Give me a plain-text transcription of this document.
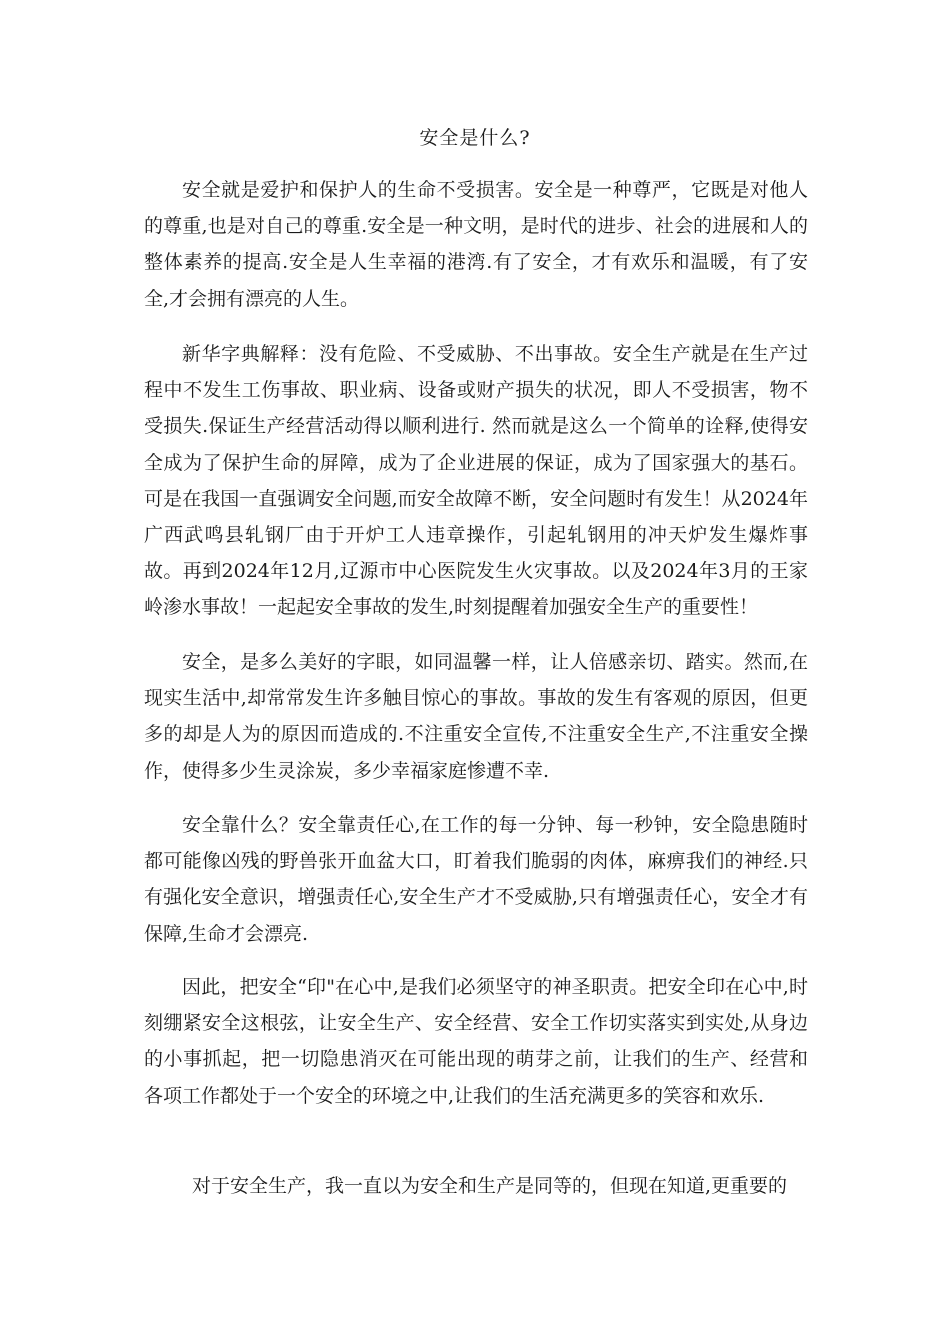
安全是什么?

安全就是爱护和保护人的生命不受损害。安全是一种尊严，它既是对他人的尊重,也是对自己的尊重.安全是一种文明，是时代的进步、社会的进展和人的整体素养的提高.安全是人生幸福的港湾.有了安全，才有欢乐和温暖，有了安全,才会拥有漂亮的人生。

新华字典解释：没有危险、不受威胁、不出事故。安全生产就是在生产过程中不发生工伤事故、职业病、设备或财产损失的状况，即人不受损害，物不受损失.保证生产经营活动得以顺利进行. 然而就是这么一个简单的诠释,使得安全成为了保护生命的屏障，成为了企业进展的保证，成为了国家强大的基石。可是在我国一直强调安全问题,而安全故障不断，安全问题时有发生！从2024年广西武鸣县轧钢厂由于开炉工人违章操作，引起轧钢用的冲天炉发生爆炸事故。再到2024年12月,辽源市中心医院发生火灾事故。以及2024年3月的王家岭渗水事故！一起起安全事故的发生,时刻提醒着加强安全生产的重要性！

安全，是多么美好的字眼，如同温馨一样，让人倍感亲切、踏实。然而,在现实生活中,却常常发生许多触目惊心的事故。事故的发生有客观的原因，但更多的却是人为的原因而造成的.不注重安全宣传,不注重安全生产,不注重安全操作，使得多少生灵涂炭，多少幸福家庭惨遭不幸.

安全靠什么？安全靠责任心,在工作的每一分钟、每一秒钟，安全隐患随时都可能像凶残的野兽张开血盆大口，盯着我们脆弱的肉体，麻痹我们的神经.只有强化安全意识，增强责任心,安全生产才不受威胁,只有增强责任心，安全才有保障,生命才会漂亮.

因此，把安全“印"在心中,是我们必须坚守的神圣职责。把安全印在心中,时刻绷紧安全这根弦，让安全生产、安全经营、安全工作切实落实到实处,从身边的小事抓起，把一切隐患消灭在可能出现的萌芽之前，让我们的生产、经营和各项工作都处于一个安全的环境之中,让我们的生活充满更多的笑容和欢乐.

对于安全生产，我一直以为安全和生产是同等的，但现在知道,更重要的
